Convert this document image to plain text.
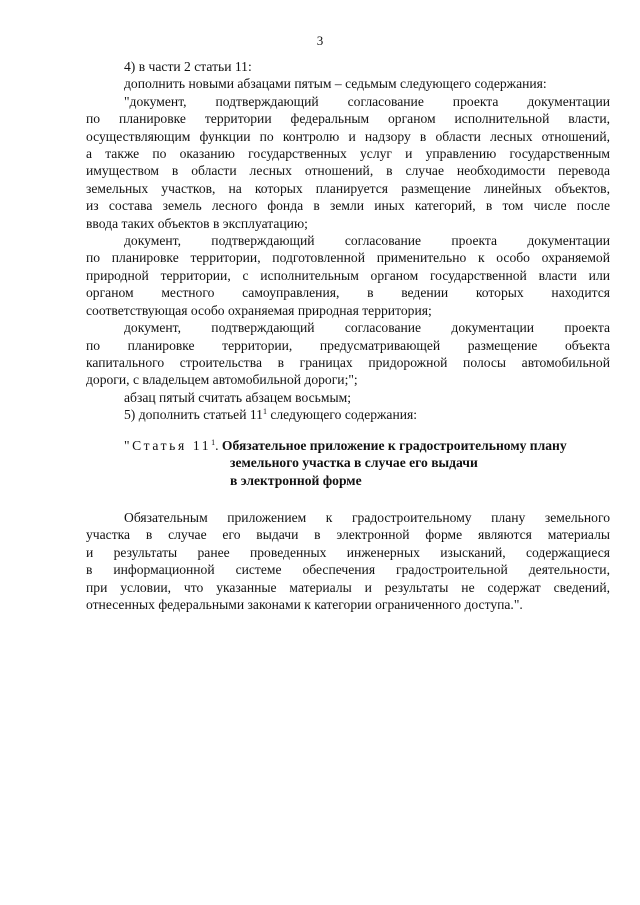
3

4) в части 2 статьи 11:

дополнить новыми абзацами пятым – седьмым следующего содержания:

"документ, подтверждающий согласование проекта документации
по планировке территории федеральным органом исполнительной власти,
осуществляющим функции по контролю и надзору в области лесных отношений,
а также по оказанию государственных услуг и управлению государственным
имуществом в области лесных отношений, в случае необходимости перевода
земельных участков, на которых планируется размещение линейных объектов,
из состава земель лесного фонда в земли иных категорий, в том числе после
ввода таких объектов в эксплуатацию;
документ, подтверждающий согласование проекта документации
по планировке территории, подготовленной применительно к особо охраняемой
природной территории, с исполнительным органом государственной власти или
органом местного самоуправления, в ведении которых находится
соответствующая особо охраняемая природная территория;
документ, подтверждающий согласование документации проекта
по планировке территории, предусматривающей размещение объекта
капитального строительства в границах придорожной полосы автомобильной
дороги, с владельцем автомобильной дороги;";

абзац пятый считать абзацем восьмым;

5) дополнить статьей $11^1$ следующего содержания:

"Статья $11^1$. Обязательное приложение к градостроительному плану
земельного участка в случае его выдачи
в электронной форме
Обязательным приложением к градостроительному плану земельного
участка в случае его выдачи в электронной форме являются материалы
и результаты ранее проведенных инженерных изысканий, содержащиеся
в информационной системе обеспечения градостроительной деятельности,
при условии, что указанные материалы и результаты не содержат сведений,
отнесенных федеральными законами к категории ограниченного доступа.".
